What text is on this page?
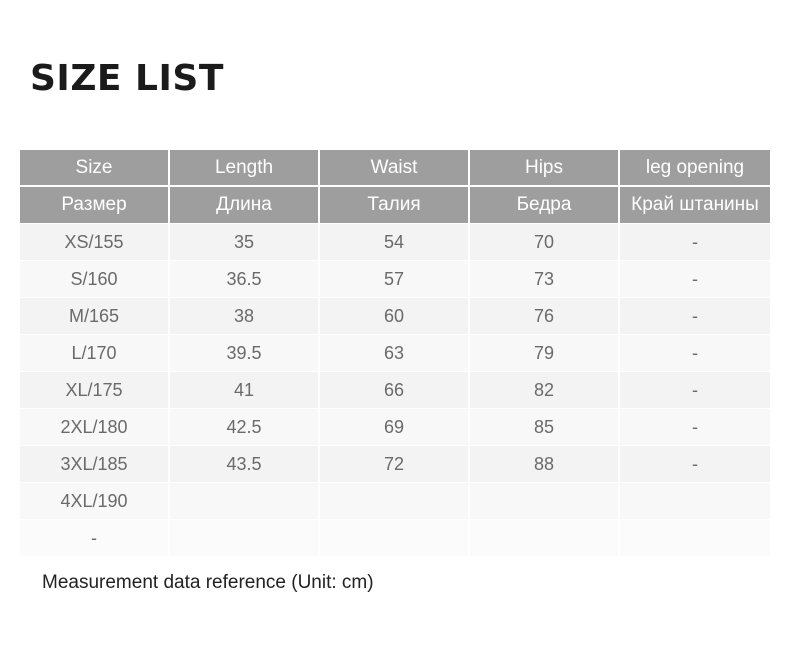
SIZE LIST
Size	Length	Waist	Hips	leg opening
Размер	Длина	Талия	Бедра	Край штанины
XS/155	35	54	70	-
S/160	36.5	57	73	-
M/165	38	60	76	-
L/170	39.5	63	79	-
XL/175	41	66	82	-
2XL/180	42.5	69	85	-
3XL/185	43.5	72	88	-
4XL/190
-

Measurement data reference (Unit: cm)
